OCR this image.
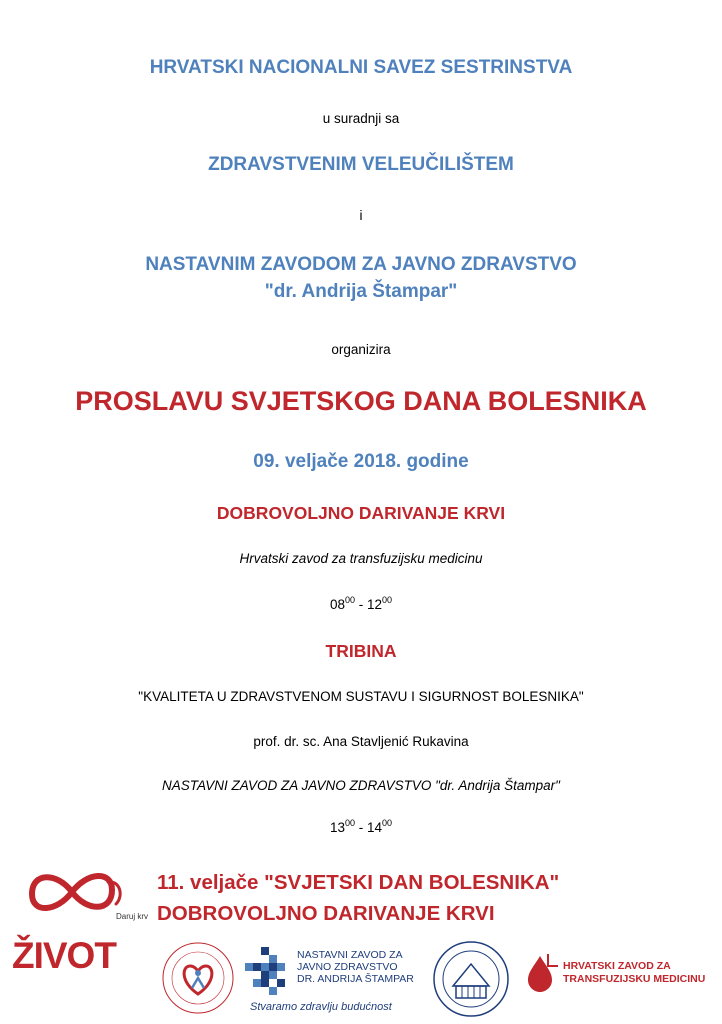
HRVATSKI NACIONALNI SAVEZ SESTRINSTVA
u suradnji sa
ZDRAVSTVENIM VELEUČILIŠTEM
i
NASTAVNIM ZAVODOM ZA JAVNO ZDRAVSTVO
"dr. Andrija Štampar"
organizira
PROSLAVU SVJETSKOG DANA BOLESNIKA
09. veljače 2018. godine
DOBROVOLJNO DARIVANJE KRVI
Hrvatski zavod za transfuzijsku medicinu
$08^{00} - 12^{00}$
TRIBINA
"KVALITETA U ZDRAVSTVENOM SUSTAVU I SIGURNOST BOLESNIKA"
prof. dr. sc. Ana Stavljenić Rukavina
NASTAVNI ZAVOD ZA JAVNO ZDRAVSTVO "dr. Andrija Štampar"
$13^{00} - 14^{00}$
11. veljače "SVJETSKI DAN BOLESNIKA"
DOBROVOLJNO DARIVANJE KRVI
Daruj krv
ŽIVOT	NASTAVNI ZAVOD ZA
JAVNO ZDRAVSTVO
DR. ANDRIJA ŠTAMPAR
Stvaramo zdravlju budućnost
HRVATSKI ZAVOD ZA
TRANSFUZIJSKU MEDICINU
